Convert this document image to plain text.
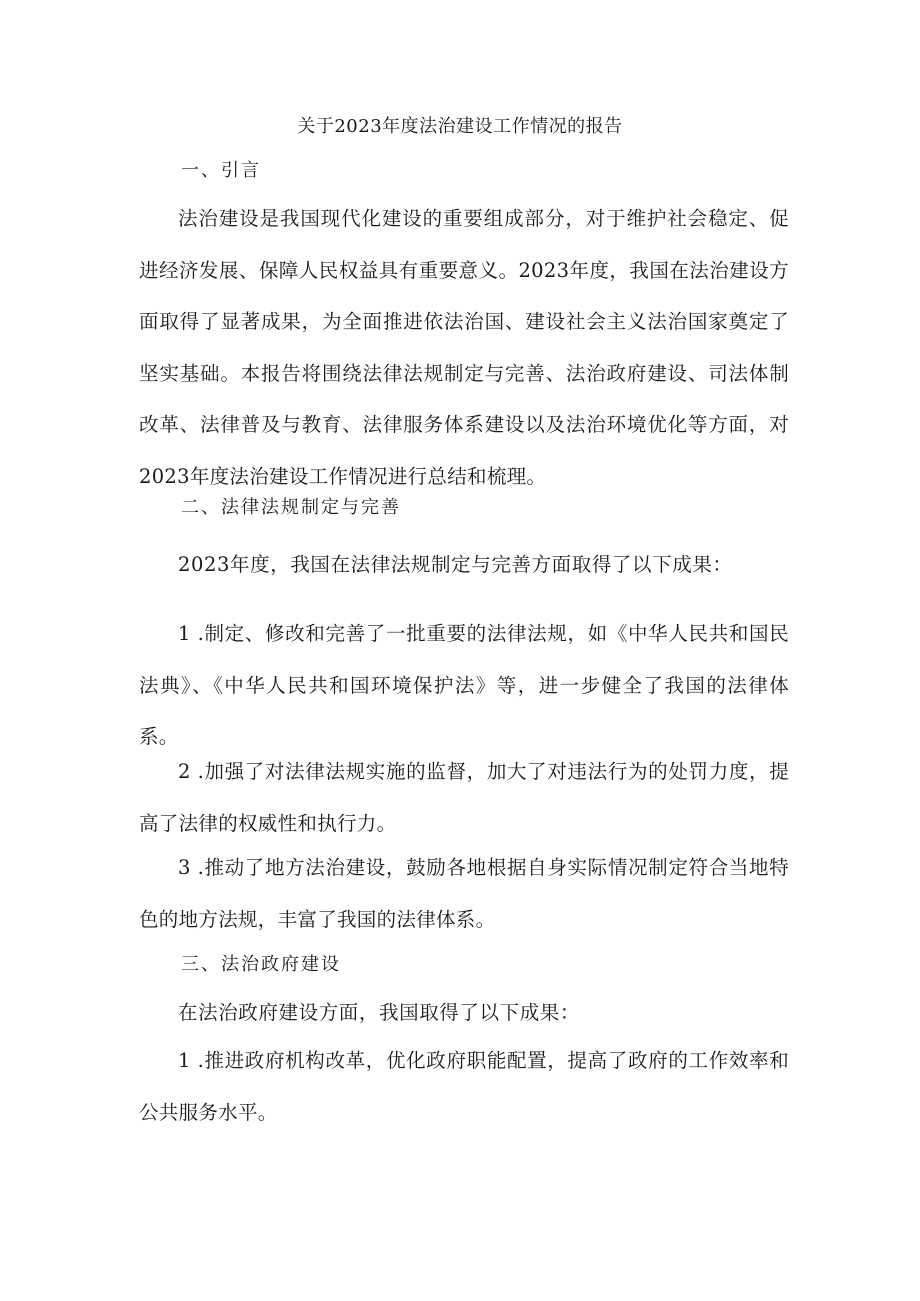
关于2023年度法治建设工作情况的报告
一、引言
法治建设是我国现代化建设的重要组成部分，对于维护社会稳定、促进经济发展、保障人民权益具有重要意义。2023年度，我国在法治建设方面取得了显著成果，为全面推进依法治国、建设社会主义法治国家奠定了坚实基础。本报告将围绕法律法规制定与完善、法治政府建设、司法体制改革、法律普及与教育、法律服务体系建设以及法治环境优化等方面，对2023年度法治建设工作情况进行总结和梳理。
二、法律法规制定与完善
2023年度，我国在法律法规制定与完善方面取得了以下成果：
1 .制定、修改和完善了一批重要的法律法规，如《中华人民共和国民法典》、《中华人民共和国环境保护法》等，进一步健全了我国的法律体系。
2 .加强了对法律法规实施的监督，加大了对违法行为的处罚力度，提高了法律的权威性和执行力。
3 .推动了地方法治建设，鼓励各地根据自身实际情况制定符合当地特色的地方法规，丰富了我国的法律体系。
三、法治政府建设
在法治政府建设方面，我国取得了以下成果：
1 .推进政府机构改革，优化政府职能配置，提高了政府的工作效率和公共服务水平。
